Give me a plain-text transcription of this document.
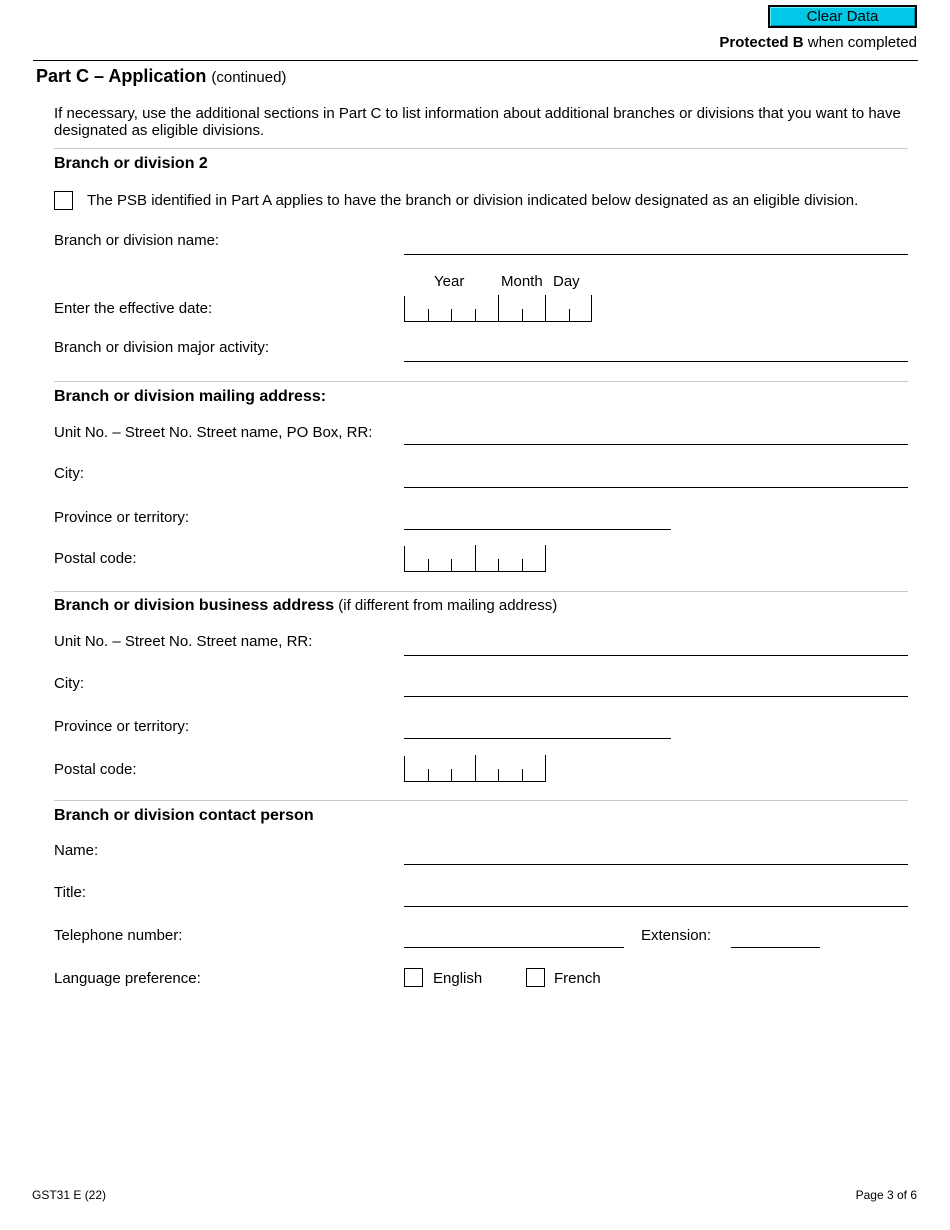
Clear Data
Protected B when completed
Part C – Application (continued)
If necessary, use the additional sections in Part C to list information about additional branches or divisions that you want to have designated as eligible divisions.
Branch or division 2
The PSB identified in Part A applies to have the branch or division indicated below designated as an eligible division.
Branch or division name:
Year Month Day
Enter the effective date:
Branch or division major activity:
Branch or division mailing address:
Unit No. – Street No. Street name, PO Box, RR:
City:
Province or territory:
Postal code:
Branch or division business address (if different from mailing address)
Unit No. – Street No. Street name, RR:
City:
Province or territory:
Postal code:
Branch or division contact person
Name:
Title:
Telephone number:	Extension:
Language preference:	English	French
GST31 E (22)	Page 3 of 6
